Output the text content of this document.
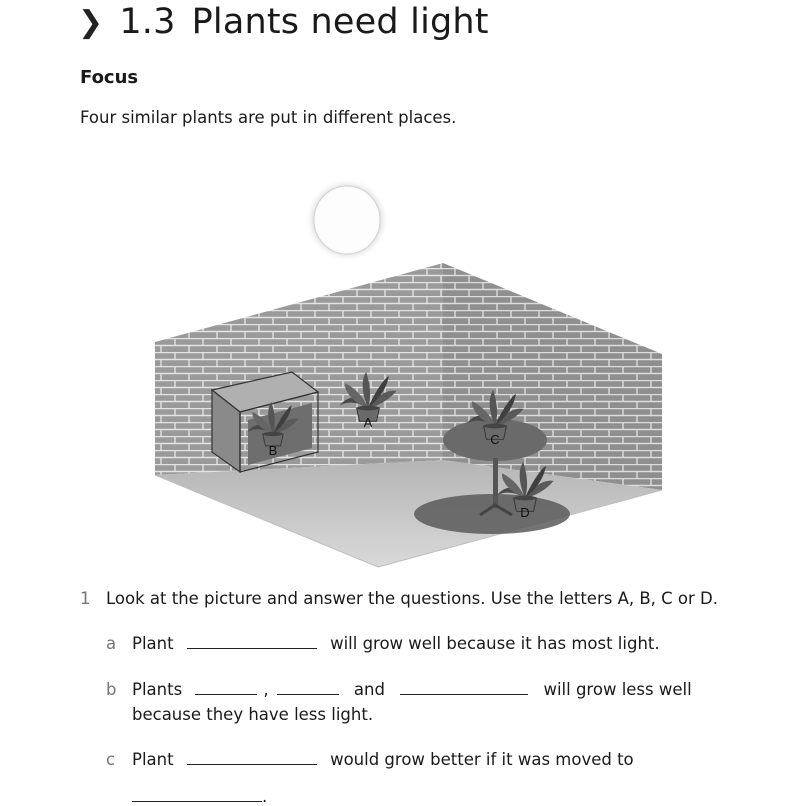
❯ 1.3 Plants need light
Focus
Four similar plants are put in different places.
A
B
C
D
1 Look at the picture and answer the questions. Use the letters A, B, C or D.
a Plant	will grow well because it has most light.
b Plants	,	and	will grow less well
because they have less light.
c Plant	would grow better if it was moved to
.
